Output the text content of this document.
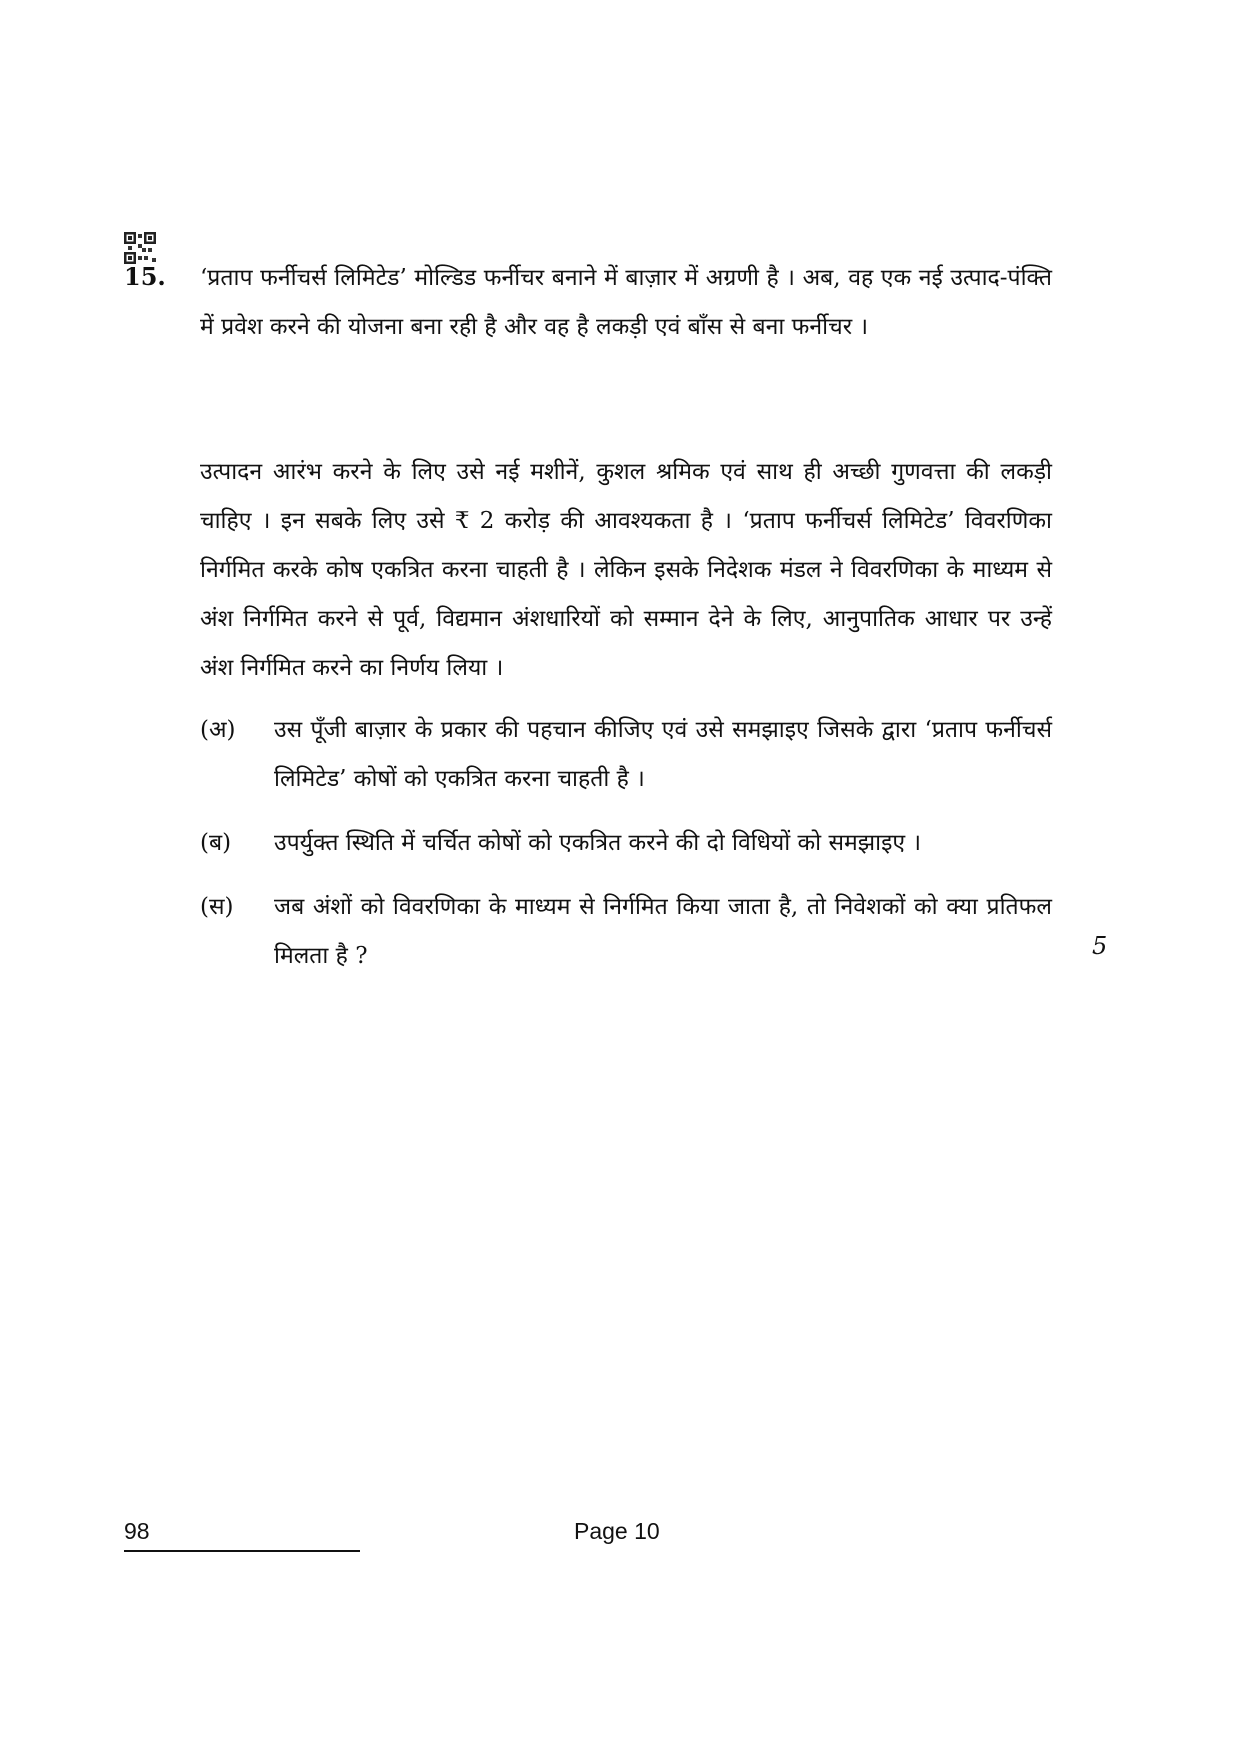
15. ‘प्रताप फर्नीचर्स लिमिटेड’ मोल्डिड फर्नीचर बनाने में बाज़ार में अग्रणी है । अब, वह एक नई उत्पाद-पंक्ति में प्रवेश करने की योजना बना रही है और वह है लकड़ी एवं बाँस से बना फर्नीचर ।

उत्पादन आरंभ करने के लिए उसे नई मशीनें, कुशल श्रमिक एवं साथ ही अच्छी गुणवत्ता की लकड़ी चाहिए । इन सबके लिए उसे ₹ 2 करोड़ की आवश्यकता है । ‘प्रताप फर्नीचर्स लिमिटेड’ विवरणिका निर्गमित करके कोष एकत्रित करना चाहती है । लेकिन इसके निदेशक मंडल ने विवरणिका के माध्यम से अंश निर्गमित करने से पूर्व, विद्यमान अंशधारियों को सम्मान देने के लिए, आनुपातिक आधार पर उन्हें अंश निर्गमित करने का निर्णय लिया ।

(अ)	उस पूँजी बाज़ार के प्रकार की पहचान कीजिए एवं उसे समझाइए जिसके द्वारा ‘प्रताप फर्नीचर्स लिमिटेड’ कोषों को एकत्रित करना चाहती है ।
(ब)	उपर्युक्त स्थिति में चर्चित कोषों को एकत्रित करने की दो विधियों को समझाइए ।
(स)	जब अंशों को विवरणिका के माध्यम से निर्गमित किया जाता है, तो निवेशकों को क्या प्रतिफल मिलता है ?	5
98	Page 10
